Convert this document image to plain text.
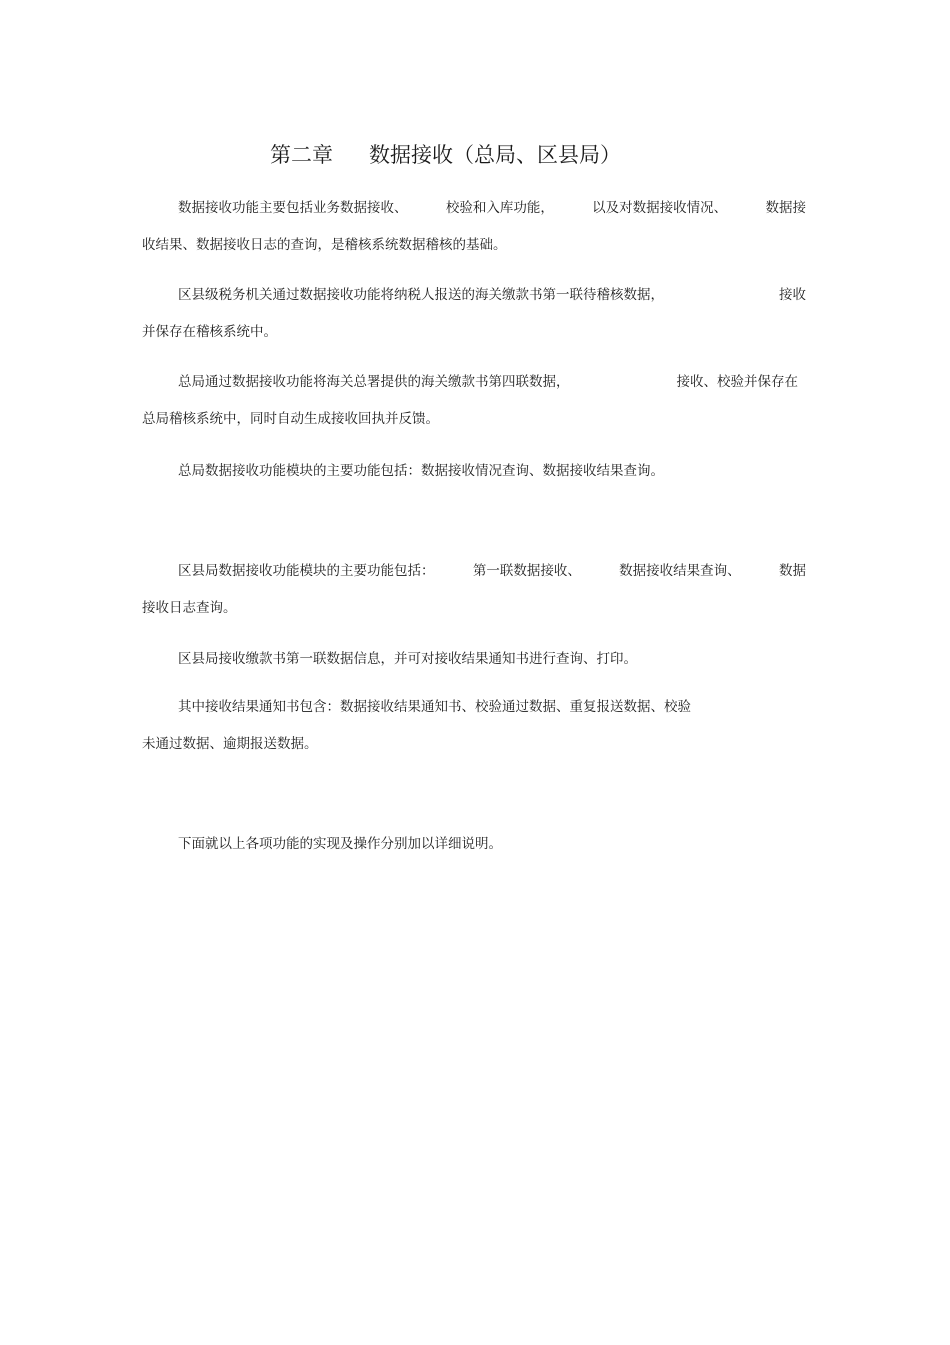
第二章 数据接收（总局、区县局）
数据接收功能主要包括业务数据接收、	校验和入库功能，	以及对数据接收情况、	数据接
收结果、数据接收日志的查询，是稽核系统数据稽核的基础。
区县级税务机关通过数据接收功能将纳税人报送的海关缴款书第一联待稽核数据，	接收
并保存在稽核系统中。
总局通过数据接收功能将海关总署提供的海关缴款书第四联数据，	接收、校验并保存在
总局稽核系统中，同时自动生成接收回执并反馈。
总局数据接收功能模块的主要功能包括：数据接收情况查询、数据接收结果查询。
区县局数据接收功能模块的主要功能包括：	第一联数据接收、	数据接收结果查询、	数据
接收日志查询。
区县局接收缴款书第一联数据信息，并可对接收结果通知书进行查询、打印。
其中接收结果通知书包含：数据接收结果通知书、校验通过数据、重复报送数据、校验
未通过数据、逾期报送数据。
下面就以上各项功能的实现及操作分别加以详细说明。
